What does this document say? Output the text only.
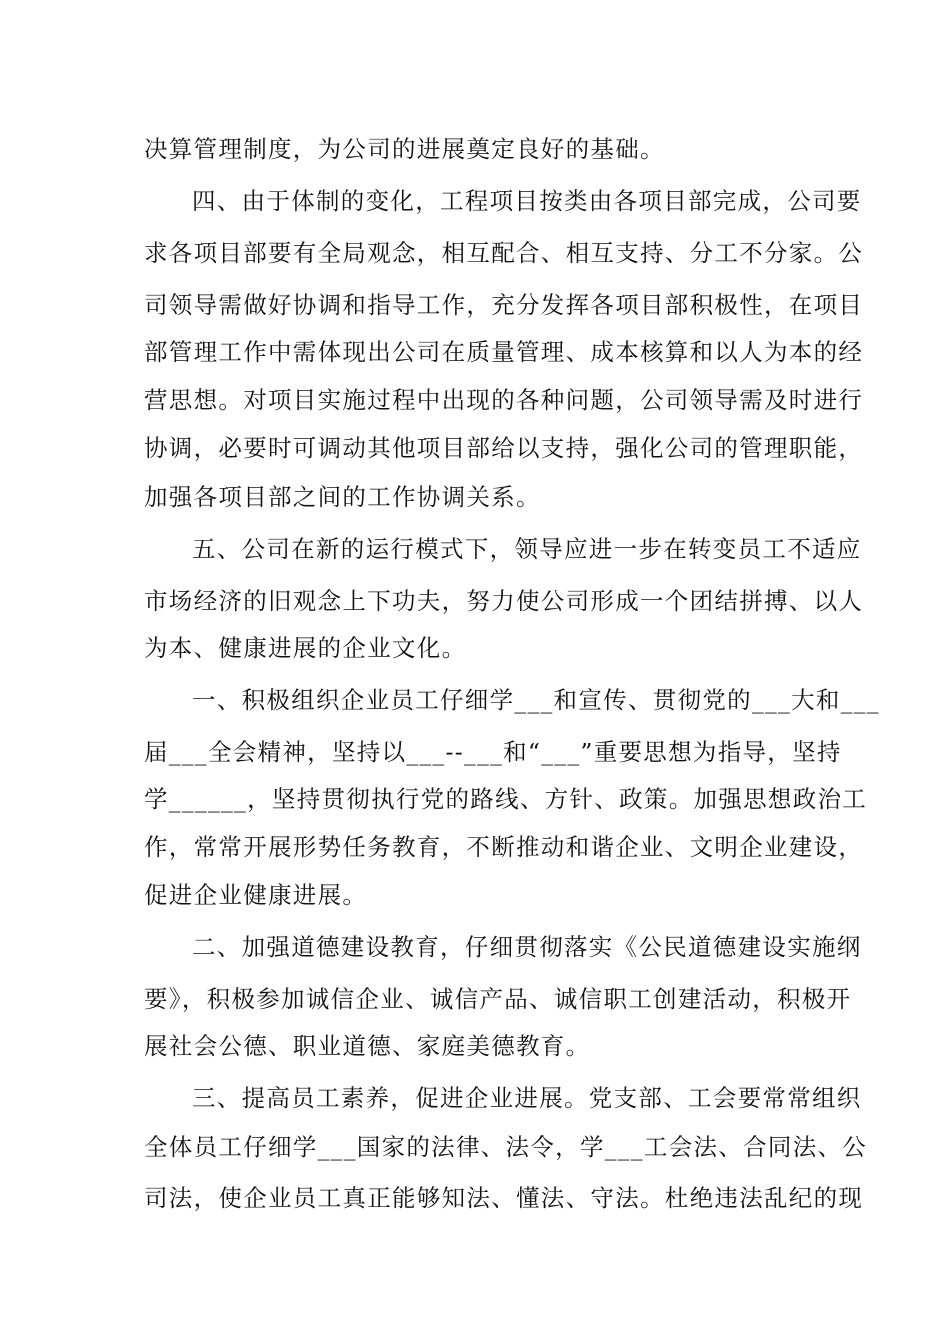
决算管理制度，为公司的进展奠定良好的基础。
四、由于体制的变化，工程项目按类由各项目部完成，公司要
求各项目部要有全局观念，相互配合、相互支持、分工不分家。公
司领导需做好协调和指导工作，充分发挥各项目部积极性，在项目
部管理工作中需体现出公司在质量管理、成本核算和以人为本的经
营思想。对项目实施过程中出现的各种问题，公司领导需及时进行
协调，必要时可调动其他项目部给以支持，强化公司的管理职能，
加强各项目部之间的工作协调关系。
五、公司在新的运行模式下，领导应进一步在转变员工不适应
市场经济的旧观念上下功夫，努力使公司形成一个团结拼搏、以人
为本、健康进展的企业文化。
一、积极组织企业员工仔细学___和宣传、贯彻党的___大和___
届___全会精神，坚持以___--___和“___”重要思想为指导，坚持
学______，坚持贯彻执行党的路线、方针、政策。加强思想政治工
作，常常开展形势任务教育，不断推动和谐企业、文明企业建设，
促进企业健康进展。
二、加强道德建设教育，仔细贯彻落实《公民道德建设实施纲
要》，积极参加诚信企业、诚信产品、诚信职工创建活动，积极开
展社会公德、职业道德、家庭美德教育。
三、提高员工素养，促进企业进展。党支部、工会要常常组织
全体员工仔细学___国家的法律、法令，学___工会法、合同法、公
司法，使企业员工真正能够知法、懂法、守法。杜绝违法乱纪的现
